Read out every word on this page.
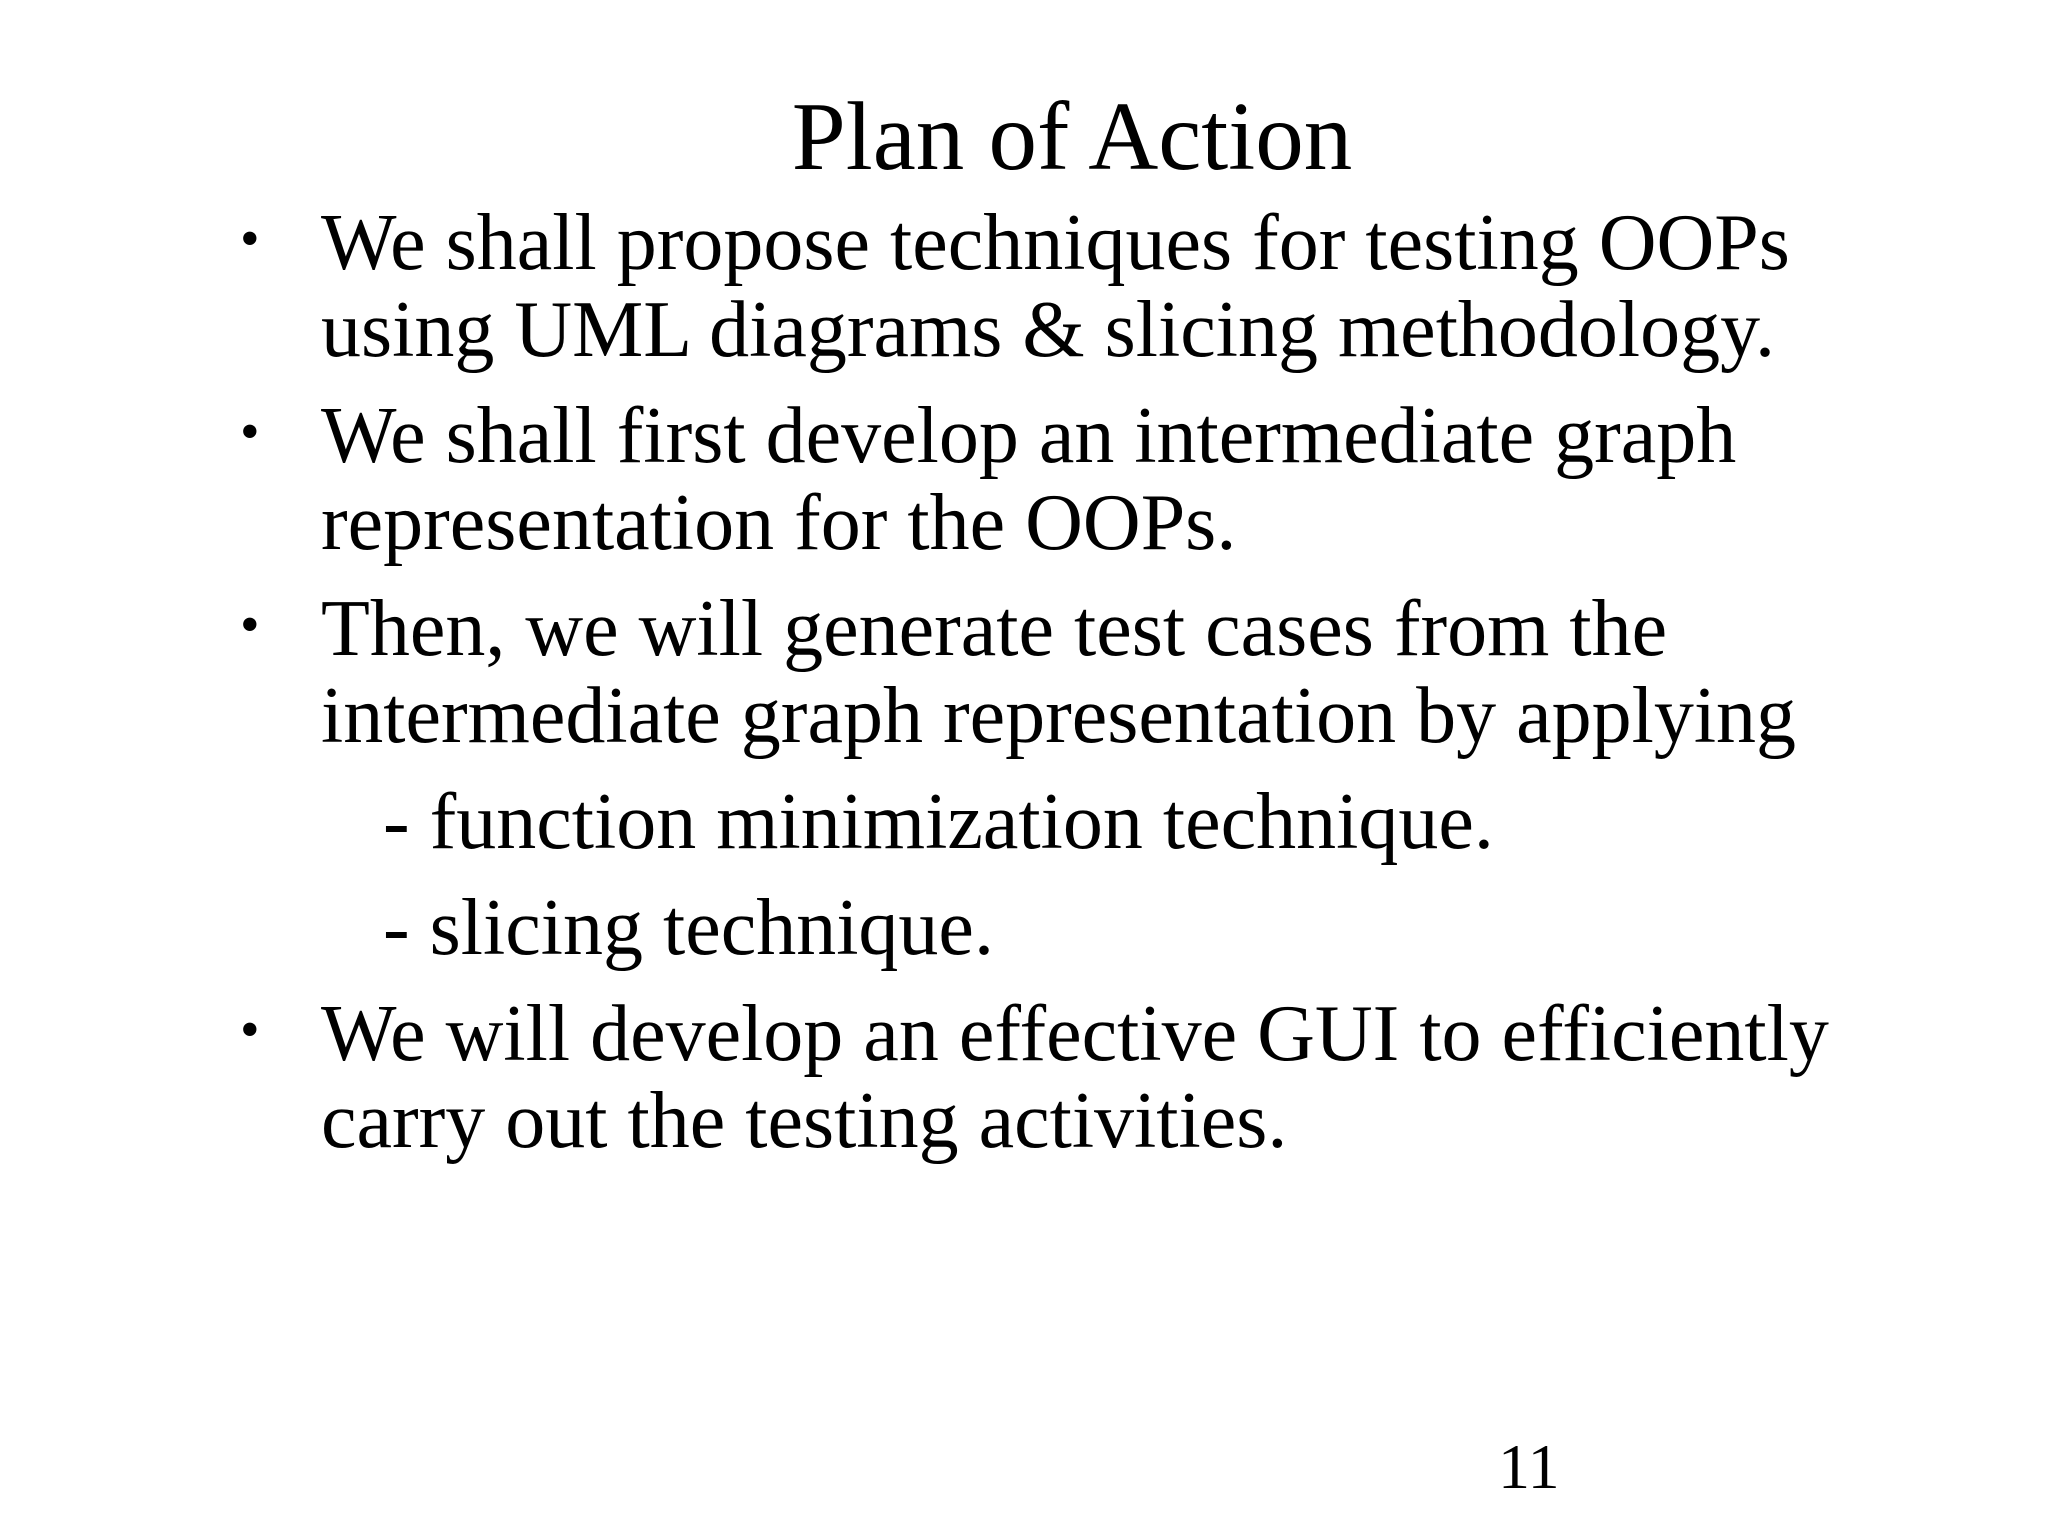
Plan of Action
• We shall propose techniques for testing OOPs
using UML diagrams & slicing methodology.
• We shall first develop an intermediate graph
representation for the OOPs.
• Then, we will generate test cases from the
intermediate graph representation by applying
- function minimization technique.
- slicing technique.
• We will develop an effective GUI to efficiently
carry out the testing activities.
11
